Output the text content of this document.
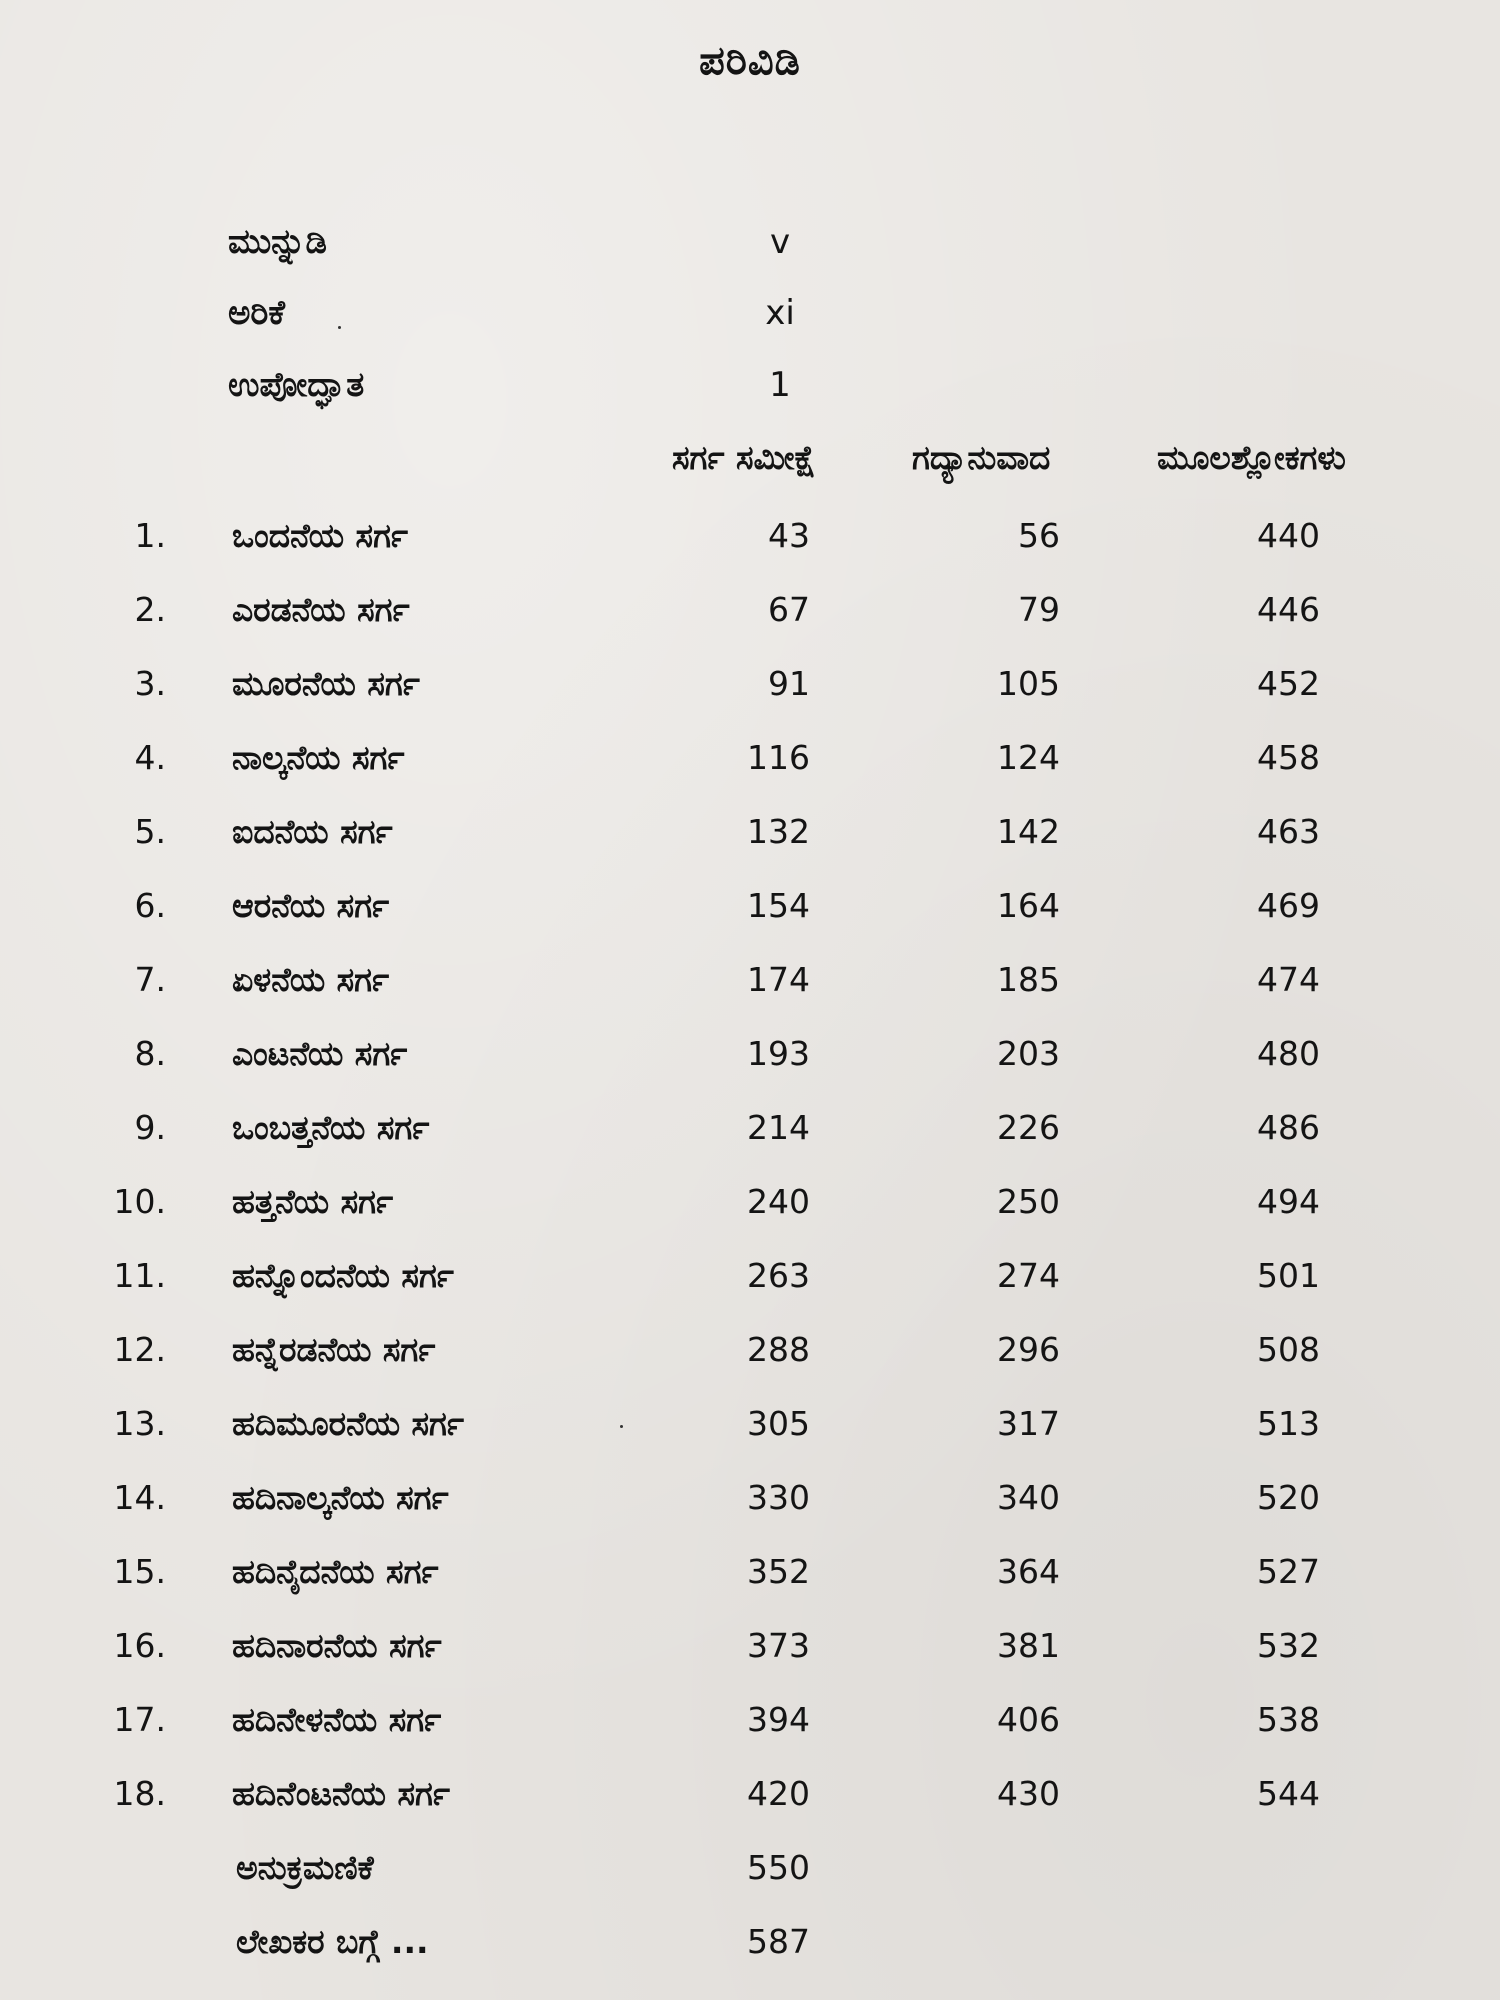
ಪರಿವಿಡಿ
ಮುನ್ನುಡಿ	v
ಅರಿಕೆ	xi
ಉಪೋದ್ಘಾತ	1
ಸರ್ಗ ಸಮೀಕ್ಷೆ	ಗದ್ಯಾನುವಾದ	ಮೂಲಶ್ಲೋಕಗಳು
1. ಒಂದನೆಯ ಸರ್ಗ	43	56	440
2. ಎರಡನೆಯ ಸರ್ಗ	67	79	446
3. ಮೂರನೆಯ ಸರ್ಗ	91	105	452
4. ನಾಲ್ಕನೆಯ ಸರ್ಗ	116	124	458
5. ಐದನೆಯ ಸರ್ಗ	132	142	463
6. ಆರನೆಯ ಸರ್ಗ	154	164	469
7. ಏಳನೆಯ ಸರ್ಗ	174	185	474
8. ಎಂಟನೆಯ ಸರ್ಗ	193	203	480
9. ಒಂಬತ್ತನೆಯ ಸರ್ಗ	214	226	486
10. ಹತ್ತನೆಯ ಸರ್ಗ	240	250	494
11. ಹನ್ನೊಂದನೆಯ ಸರ್ಗ	263	274	501
12. ಹನ್ನೆರಡನೆಯ ಸರ್ಗ	288	296	508
13. ಹದಿಮೂರನೆಯ ಸರ್ಗ	305	317	513
14. ಹದಿನಾಲ್ಕನೆಯ ಸರ್ಗ	330	340	520
15. ಹದಿನೈದನೆಯ ಸರ್ಗ	352	364	527
16. ಹದಿನಾರನೆಯ ಸರ್ಗ	373	381	532
17. ಹದಿನೇಳನೆಯ ಸರ್ಗ	394	406	538
18. ಹದಿನೆಂಟನೆಯ ಸರ್ಗ	420	430	544
ಅನುಕ್ರಮಣಿಕೆ	550
ಲೇಖಕರ ಬಗ್ಗೆ ...	587
